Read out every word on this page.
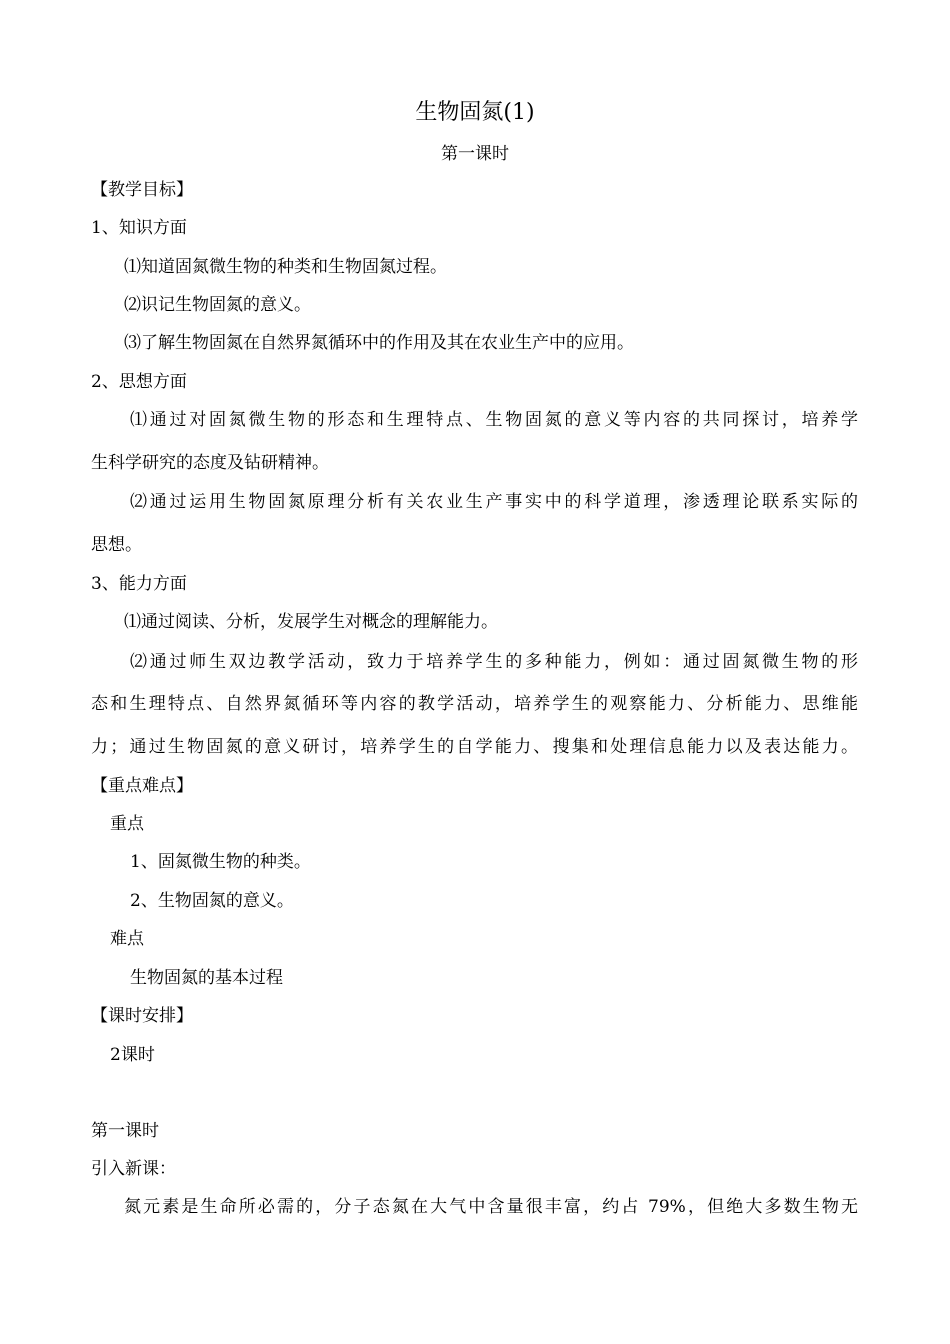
生物固氮(1)
第一课时
【教学目标】
1、知识方面
⑴知道固氮微生物的种类和生物固氮过程。
⑵识记生物固氮的意义。
⑶了解生物固氮在自然界氮循环中的作用及其在农业生产中的应用。
2、思想方面
⑴通过对固氮微生物的形态和生理特点、生物固氮的意义等内容的共同探讨，培养学
生科学研究的态度及钻研精神。
⑵通过运用生物固氮原理分析有关农业生产事实中的科学道理，渗透理论联系实际的
思想。
3、能力方面
⑴通过阅读、分析，发展学生对概念的理解能力。
⑵通过师生双边教学活动，致力于培养学生的多种能力，例如：通过固氮微生物的形
态和生理特点、自然界氮循环等内容的教学活动，培养学生的观察能力、分析能力、思维能
力；通过生物固氮的意义研讨，培养学生的自学能力、搜集和处理信息能力以及表达能力。
【重点难点】
重点
1、固氮微生物的种类。
2、生物固氮的意义。
难点
生物固氮的基本过程
【课时安排】
2课时
第一课时
引入新课：
氮元素是生命所必需的，分子态氮在大气中含量很丰富，约占 79%，但绝大多数生物无
